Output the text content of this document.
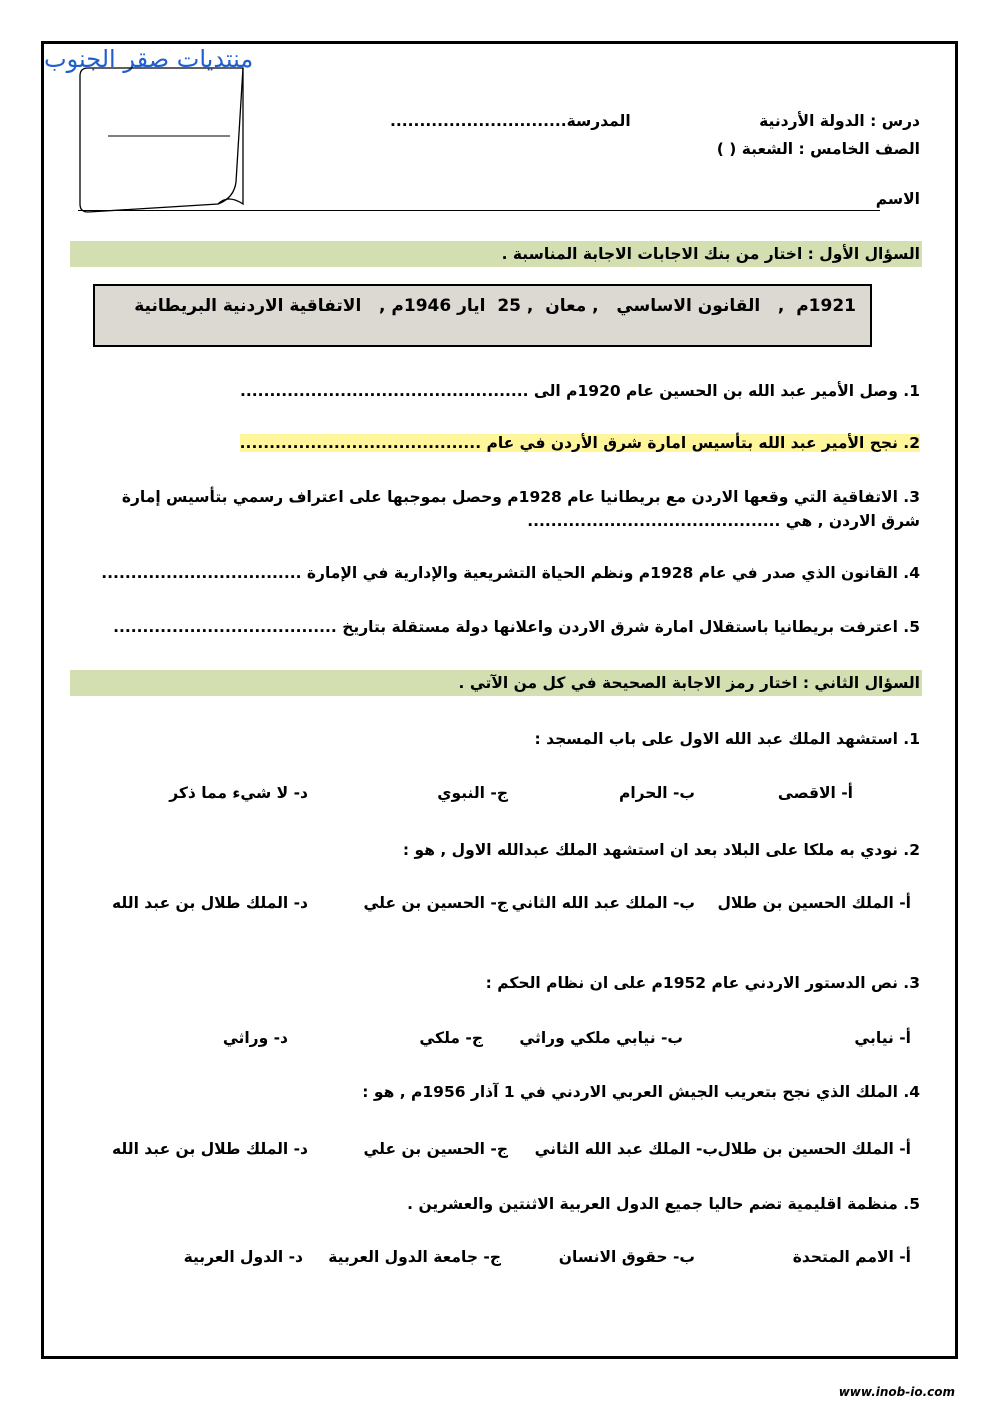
منتديات صقر الجنوب
درس : الدولة الأردنية
المدرسة..............................
الصف الخامس : الشعبة ( )
الاسم
السؤال الأول : اختار من بنك الاجابات الاجابة المناسبة .
1921م  ,   القانون الاساسي   , معان  , 25  ايار 1946م ,   الاتفاقية الاردنية البريطانية
1. وصل الأمير عبد الله بن الحسين عام 1920م الى .................................................
2. نجح الأمير عبد الله بتأسيس امارة شرق الأردن في عام .........................................
3. الاتفاقية التي وقعها الاردن مع بريطانيا عام 1928م وحصل بموجبها على اعتراف رسمي بتأسيس إمارة شرق الاردن , هي ...........................................
4. القانون الذي صدر في عام 1928م ونظم الحياة التشريعية والإدارية في الإمارة ..................................
5. اعترفت بريطانيا باستقلال امارة شرق الاردن واعلانها دولة مستقلة بتاريخ ......................................
السؤال الثاني : اختار رمز الاجابة الصحيحة في كل من الآتي .
1. استشهد الملك عبد الله الاول على باب المسجد :
أ- الاقصى
ب- الحرام
ج- النبوي
د- لا شيء مما ذكر
2. نودي به ملكا على البلاد بعد ان استشهد الملك عبدالله الاول , هو :
أ- الملك الحسين بن طلال
ب- الملك عبد الله الثاني
ج- الحسين بن علي
د- الملك طلال بن عبد الله
3. نص الدستور الاردني عام 1952م على ان نظام الحكم :
أ- نيابي
ب- نيابي ملكي وراثي
ج- ملكي
د- وراثي
4. الملك الذي نجح بتعريب الجيش العربي الاردني في 1 آذار 1956م , هو :
أ- الملك الحسين بن طلال
ب- الملك عبد الله الثاني
ج- الحسين بن علي
د- الملك طلال بن عبد الله
5. منظمة اقليمية تضم حاليا جميع الدول العربية الاثنتين والعشرين .
أ- الامم المتحدة
ب- حقوق الانسان
ج- جامعة الدول العربية
د- الدول العربية
www.inob-io.com
